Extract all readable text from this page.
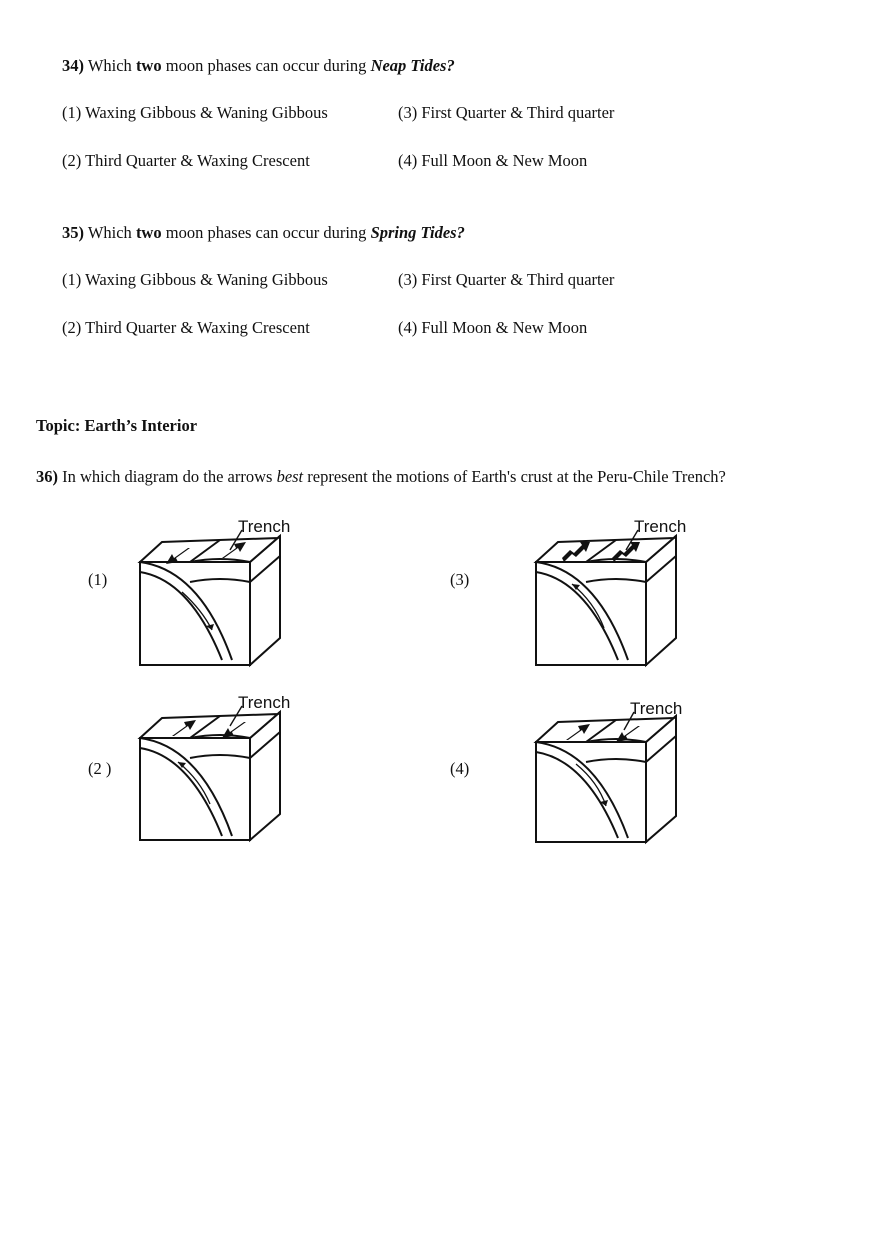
34) Which two moon phases can occur during Neap Tides?
(1) Waxing Gibbous & Waning Gibbous	(3) First Quarter & Third quarter
(2) Third Quarter & Waxing Crescent	(4) Full Moon & New Moon
35) Which two moon phases can occur during Spring Tides?
(1) Waxing Gibbous & Waning Gibbous	(3) First Quarter & Third quarter
(2) Third Quarter & Waxing Crescent	(4) Full Moon & New Moon
Topic: Earth’s Interior
36) In which diagram do the arrows best represent the motions of Earth's crust at the Peru-Chile Trench?
(1)	(3)
(2 )	(4)
Trench	Trench
Trench	Trench
